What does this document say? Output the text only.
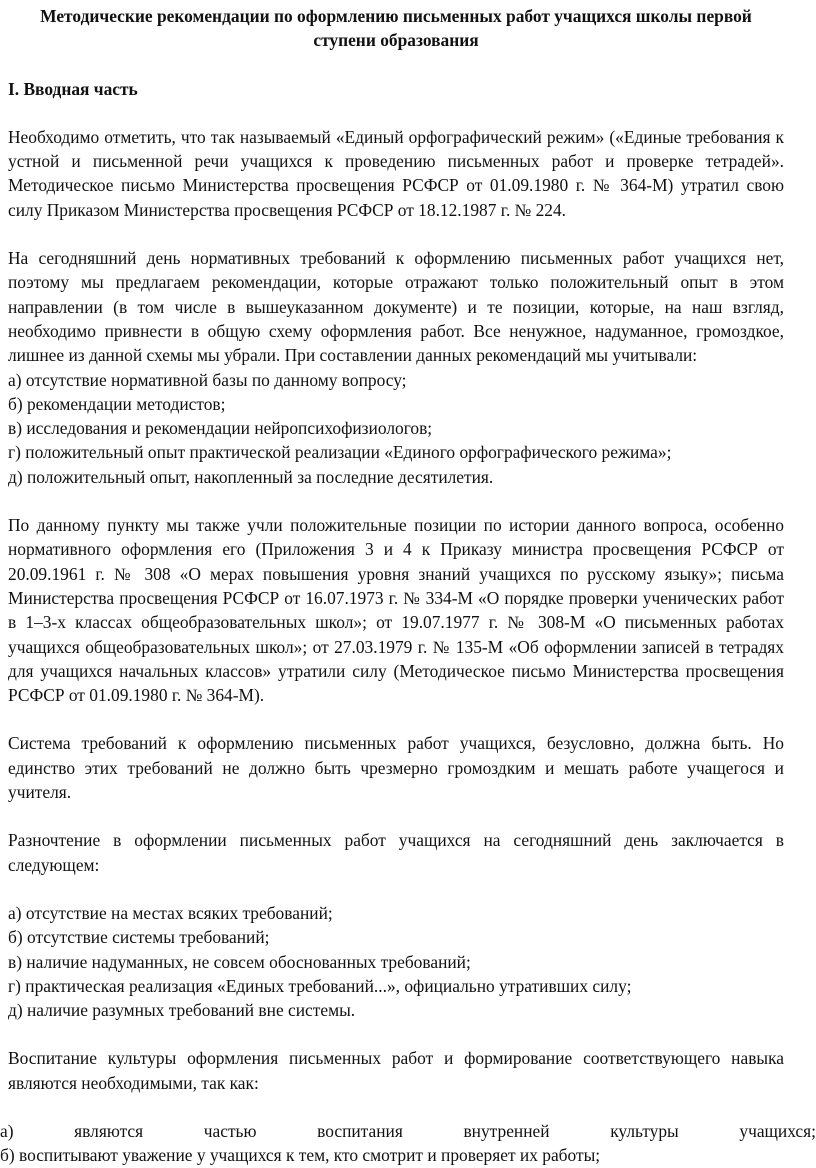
Методические рекомендации по оформлению письменных работ учащихся школы первой ступени образования
I. Вводная часть

Необходимо отметить, что так называемый «Единый орфографический режим» («Единые требования к устной и письменной речи учащихся к проведению письменных работ и проверке тетрадей». Методическое письмо Министерства просвещения РСФСР от 01.09.1980 г. № 364-М) утратил свою силу Приказом Министерства просвещения РСФСР от 18.12.1987 г. № 224.

На сегодняшний день нормативных требований к оформлению письменных работ учащихся нет, поэтому мы предлагаем рекомендации, которые отражают только положительный опыт в этом направлении (в том числе в вышеуказанном документе) и те позиции, которые, на наш взгляд, необходимо привнести в общую схему оформления работ. Все ненужное, надуманное, громоздкое, лишнее из данной схемы мы убрали. При составлении данных рекомендаций мы учитывали:

а) отсутствие нормативной базы по данному вопросу;
б) рекомендации методистов;
в) исследования и рекомендации нейропсихофизиологов;
г) положительный опыт практической реализации «Единого орфографического режима»;
д) положительный опыт, накопленный за последние десятилетия.

По данному пункту мы также учли положительные позиции по истории данного вопроса, особенно нормативного оформления его (Приложения 3 и 4 к Приказу министра просвещения РСФСР от 20.09.1961 г. № 308 «О мерах повышения уровня знаний учащихся по русскому языку»; письма Министерства просвещения РСФСР от 16.07.1973 г. № 334-М «О порядке проверки ученических работ в 1–3-х классах общеобразовательных школ»; от 19.07.1977 г. № 308-М «О письменных работах учащихся общеобразовательных школ»; от 27.03.1979 г. № 135-М «Об оформлении записей в тетрадях для учащихся начальных классов» утратили силу (Методическое письмо Министерства просвещения РСФСР от 01.09.1980 г. № 364-М).

Система требований к оформлению письменных работ учащихся, безусловно, должна быть. Но единство этих требований не должно быть чрезмерно громоздким и мешать работе учащегося и учителя.

Разночтение в оформлении письменных работ учащихся на сегодняшний день заключается в следующем:

а) отсутствие на местах всяких требований;
б) отсутствие системы требований;
в) наличие надуманных, не совсем обоснованных требований;
г) практическая реализация «Единых требований...», официально утративших силу;
д) наличие разумных требований вне системы.

Воспитание культуры оформления письменных работ и формирование соответствующего навыка являются необходимыми, так как:

а) являются частью воспитания внутренней культуры учащихся;
б) воспитывают уважение у учащихся к тем, кто смотрит и проверяет их работы;
